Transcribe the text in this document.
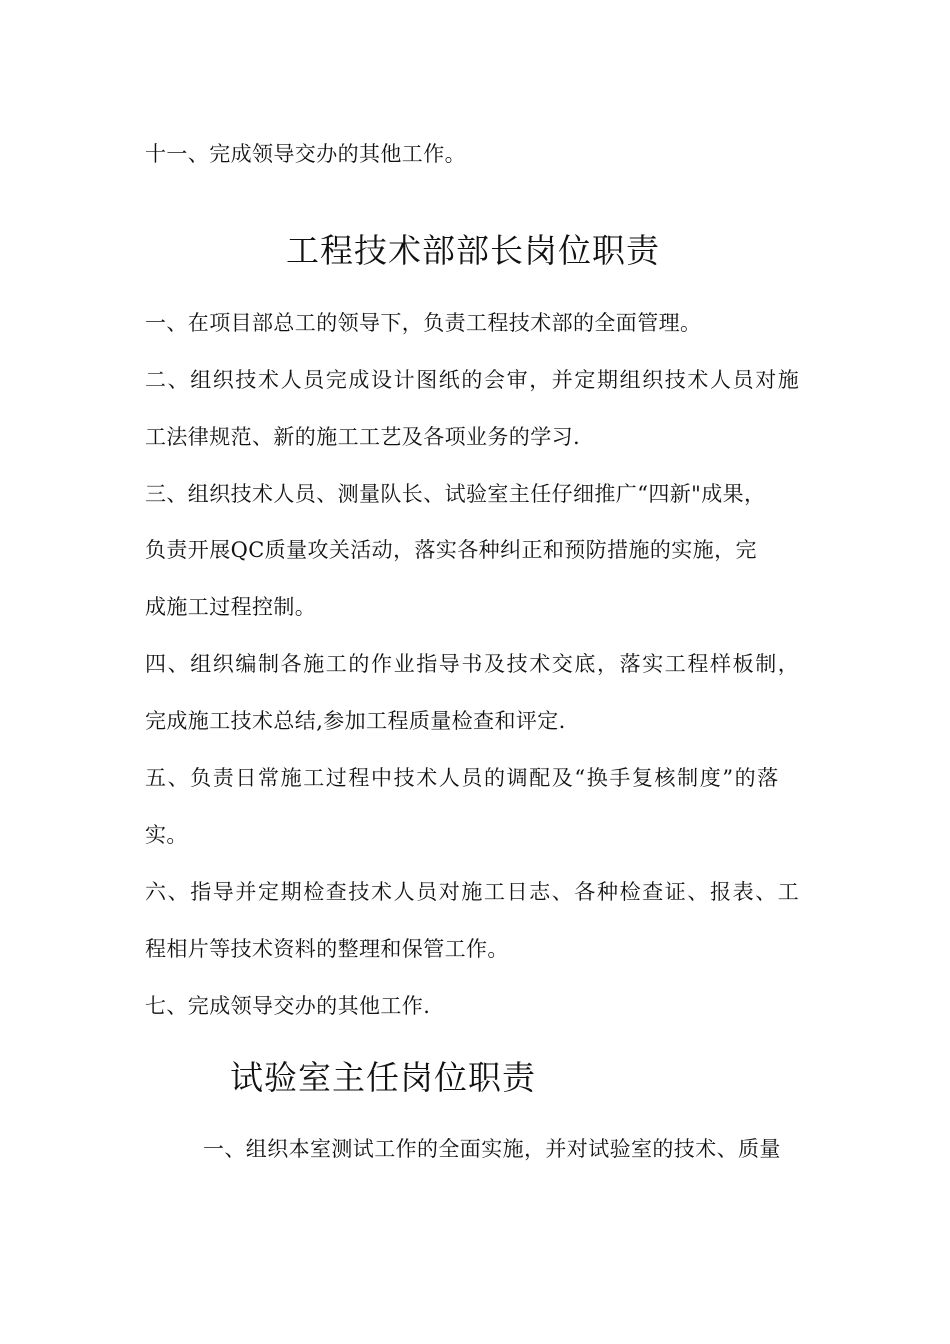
十一、完成领导交办的其他工作。
工程技术部部长岗位职责
一、在项目部总工的领导下，负责工程技术部的全面管理。
二、组织技术人员完成设计图纸的会审，并定期组织技术人员对施
工法律规范、新的施工工艺及各项业务的学习.
三、组织技术人员、测量队长、试验室主任仔细推广“四新"成果，
负责开展QC质量攻关活动，落实各种纠正和预防措施的实施，完
成施工过程控制。
四、组织编制各施工的作业指导书及技术交底，落实工程样板制，
完成施工技术总结,参加工程质量检查和评定.
五、负责日常施工过程中技术人员的调配及“换手复核制度”的落
实。
六、指导并定期检查技术人员对施工日志、各种检查证、报表、工
程相片等技术资料的整理和保管工作。
七、完成领导交办的其他工作.
试验室主任岗位职责
一、组织本室测试工作的全面实施，并对试验室的技术、质量
